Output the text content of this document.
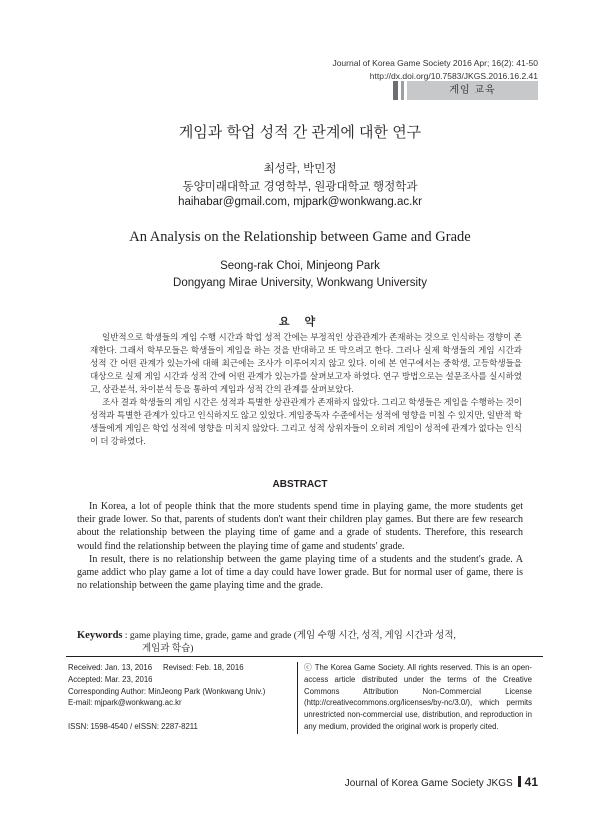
Journal of Korea Game Society 2016 Apr; 16(2): 41-50
http://dx.doi.org/10.7583/JKGS.2016.16.2.41
게임 교육
게임과 학업 성적 간 관계에 대한 연구
최성락, 박민정
동양미래대학교 경영학부, 원광대학교 행정학과
haihabar@gmail.com, mjpark@wonkwang.ac.kr
An Analysis on the Relationship between Game and Grade
Seong-rak Choi, Minjeong Park
Dongyang Mirae University, Wonkwang University
요 약

일반적으로 학생들의 게임 수행 시간과 학업 성적 간에는 부정적인 상관관계가 존재하는 것으로 인식하는 경향이 존재한다. 그래서 학부모들은 학생들이 게임을 하는 것을 반대하고 또 막으려고 한다. 그러나 실제 학생들의 게임 시간과 성적 간 어떤 관계가 있는가에 대해 최근에는 조사가 이루어지지 않고 있다. 이에 본 연구에서는 중학생, 고등학생들을 대상으로 실제 게임 시간과 성적 간에 어떤 관계가 있는가를 살펴보고자 하였다. 연구 방법으로는 설문조사를 실시하였고, 상관분석, 차이분석 등을 통하여 게임과 성적 간의 관계를 살펴보았다.

조사 결과 학생들의 게임 시간은 성적과 특별한 상관관계가 존재하지 않았다. 그리고 학생들은 게임을 수행하는 것이 성적과 특별한 관계가 있다고 인식하지도 않고 있었다. 게임중독자 수준에서는 성적에 영향을 미칠 수 있지만, 일반적 학생들에게 게임은 학업 성적에 영향을 미치지 않았다. 그리고 성적 상위자들이 오히려 게임이 성적에 관계가 없다는 인식이 더 강하였다.

ABSTRACT

In Korea, a lot of people think that the more students spend time in playing game, the more students get their grade lower. So that, parents of students don't want their children play games. But there are few research about the relationship between the playing time of game and a grade of students. Therefore, this research would find the relationship between the playing time of game and students' grade.

In result, there is no relationship between the game playing time of a students and the student's grade. A game addict who play game a lot of time a day could have lower grade. But for normal user of game, there is no relationship between the game playing time and the grade.

Keywords : game playing time, grade, game and grade (게임 수행 시간, 성적, 게임 시간과 성적,
게임과 학습)
Received: Jan. 13, 2016 Revised: Feb. 18, 2016
Accepted: Mar. 23, 2016
Corresponding Author: MinJeong Park (Wonkwang Univ.)
E-mail: mjpark@wonkwang.ac.kr
ISSN: 1598-4540 / eISSN: 2287-8211
ⓒ The Korea Game Society. All rights reserved. This is an open-access article distributed under the terms of the Creative Commons Attribution Non-Commercial License (http://creativecommons.org/licenses/by-nc/3.0/), which permits unrestricted non-commercial use, distribution, and reproduction in any medium, provided the original work is properly cited.
Journal of Korea Game Society JKGS 41
